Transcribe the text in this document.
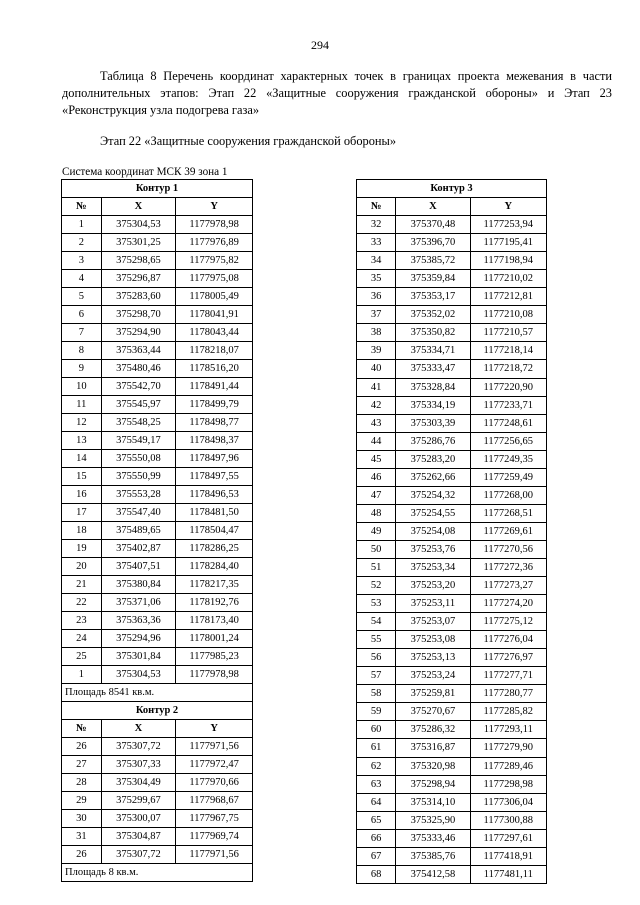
294
Таблица 8 Перечень координат характерных точек в границах проекта межевания в части дополнительных этапов: Этап 22 «Защитные сооружения гражданской обороны» и Этап 23 «Реконструкция узла подогрева газа»
Этап 22 «Защитные сооружения гражданской обороны»
Система координат МСК 39 зона 1
Контур 1		
№	X	Y
1	375304,53	1177978,98
2	375301,25	1177976,89
3	375298,65	1177975,82
4	375296,87	1177975,08
5	375283,60	1178005,49
6	375298,70	1178041,91
7	375294,90	1178043,44
8	375363,44	1178218,07
9	375480,46	1178516,20
10	375542,70	1178491,44
11	375545,97	1178499,79
12	375548,25	1178498,77
13	375549,17	1178498,37
14	375550,08	1178497,96
15	375550,99	1178497,55
16	375553,28	1178496,53
17	375547,40	1178481,50
18	375489,65	1178504,47
19	375402,87	1178286,25
20	375407,51	1178284,40
21	375380,84	1178217,35
22	375371,06	1178192,76
23	375363,36	1178173,40
24	375294,96	1178001,24
25	375301,84	1177985,23
1	375304,53	1177978,98
Площадь 8541 кв.м.		
Контур 2		
№	X	Y
26	375307,72	1177971,56
27	375307,33	1177972,47
28	375304,49	1177970,66
29	375299,67	1177968,67
30	375300,07	1177967,75
31	375304,87	1177969,74
26	375307,72	1177971,56
Площадь 8 кв.м.		
Контур 3		
№	X	Y
32	375370,48	1177253,94
33	375396,70	1177195,41
34	375385,72	1177198,94
35	375359,84	1177210,02
36	375353,17	1177212,81
37	375352,02	1177210,08
38	375350,82	1177210,57
39	375334,71	1177218,14
40	375333,47	1177218,72
41	375328,84	1177220,90
42	375334,19	1177233,71
43	375303,39	1177248,61
44	375286,76	1177256,65
45	375283,20	1177249,35
46	375262,66	1177259,49
47	375254,32	1177268,00
48	375254,55	1177268,51
49	375254,08	1177269,61
50	375253,76	1177270,56
51	375253,34	1177272,36
52	375253,20	1177273,27
53	375253,11	1177274,20
54	375253,07	1177275,12
55	375253,08	1177276,04
56	375253,13	1177276,97
57	375253,24	1177277,71
58	375259,81	1177280,77
59	375270,67	1177285,82
60	375286,32	1177293,11
61	375316,87	1177279,90
62	375320,98	1177289,46
63	375298,94	1177298,98
64	375314,10	1177306,04
65	375325,90	1177300,88
66	375333,46	1177297,61
67	375385,76	1177418,91
68	375412,58	1177481,11
